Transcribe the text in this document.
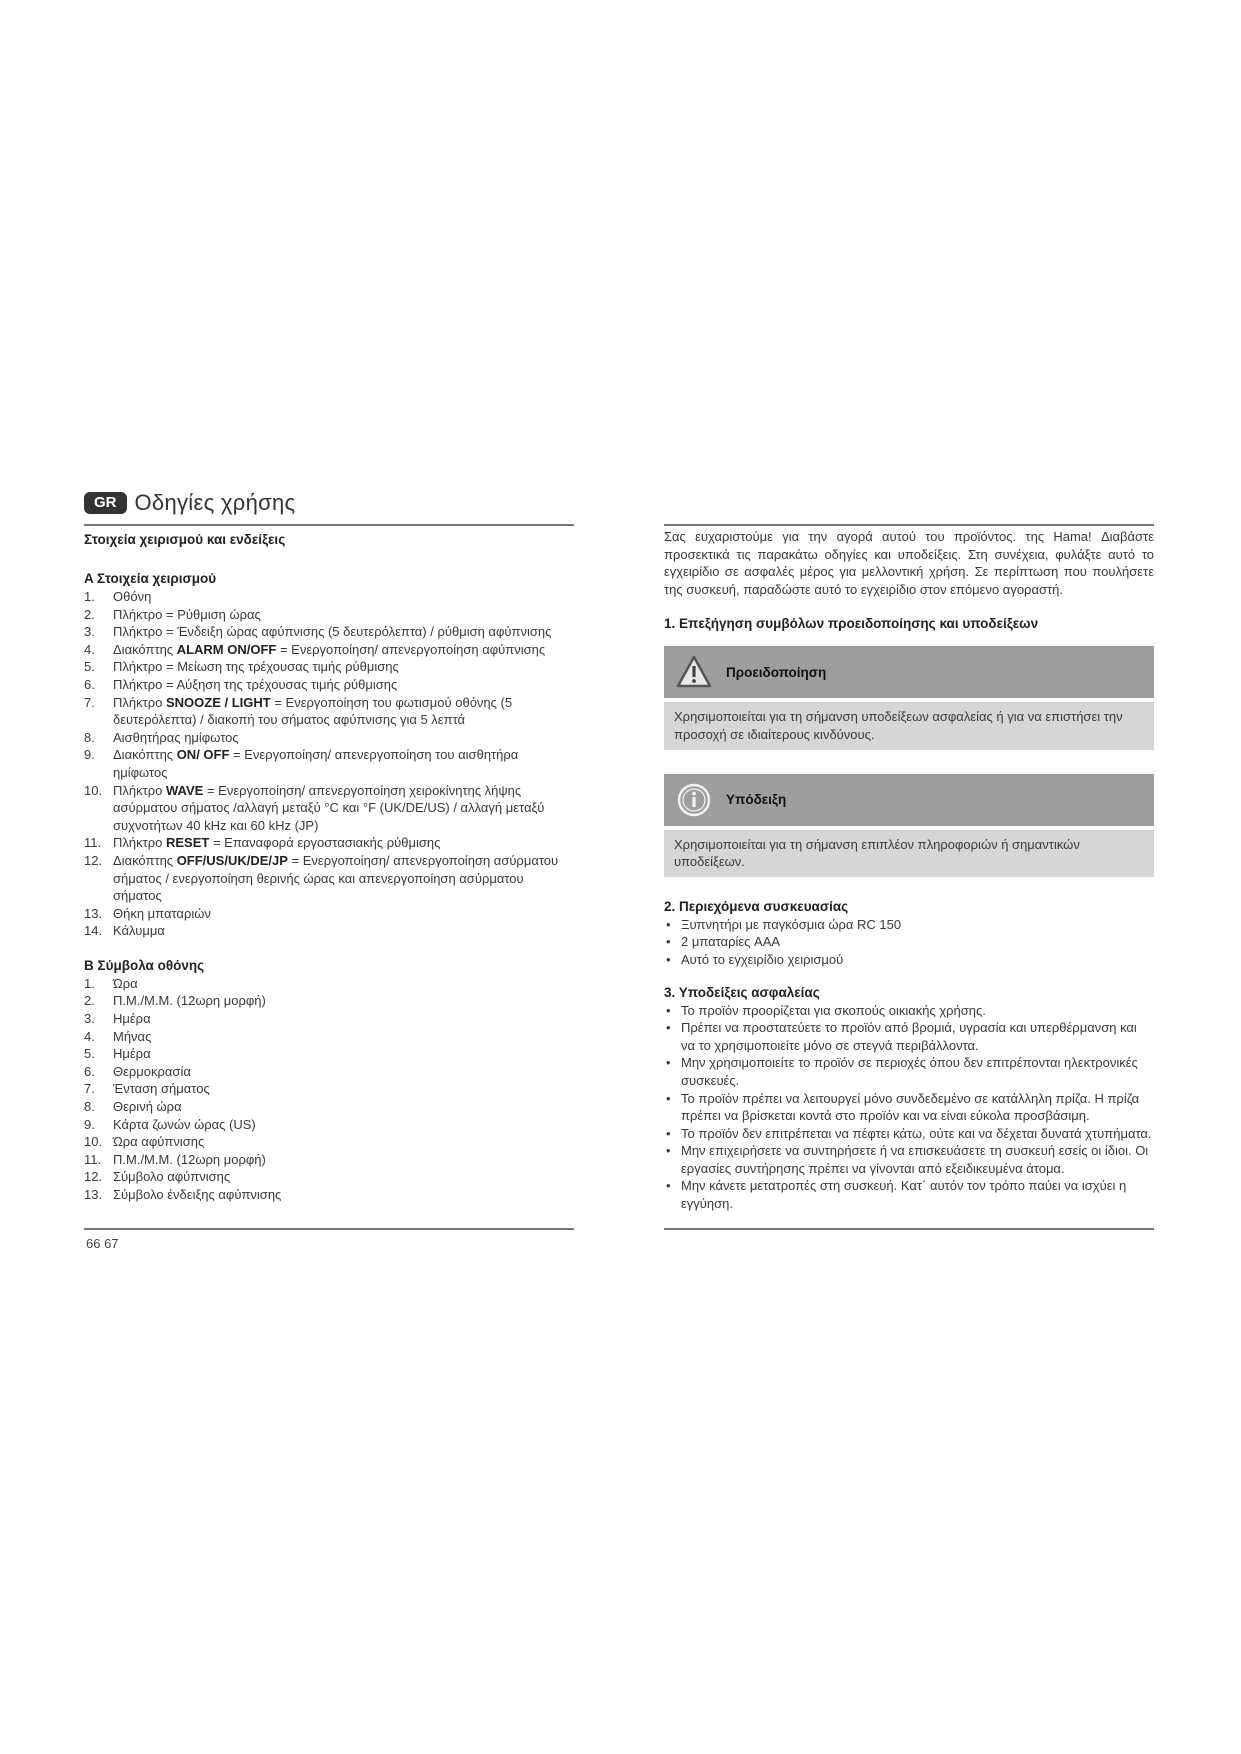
GR Οδηγίες χρήσης

Στοιχεία χειρισμού και ενδείξεις

A Στοιχεία χειρισμού

1. Οθόνη
2. Πλήκτρο = Ρύθμιση ώρας
3. Πλήκτρο = Ένδειξη ώρας αφύπνισης (5 δευτερόλεπτα) / ρύθμιση αφύπνισης
4. Διακόπτης ALARM ON/OFF = Ενεργοποίηση/ απενεργοποίηση αφύπνισης
5. Πλήκτρο = Μείωση της τρέχουσας τιμής ρύθμισης
6. Πλήκτρο = Αύξηση της τρέχουσας τιμής ρύθμισης
7. Πλήκτρο SNOOZE / LIGHT = Ενεργοποίηση του φωτισμού οθόνης (5 δευτερόλεπτα) / διακοπή του σήματος αφύπνισης για 5 λεπτά
8. Αισθητήρας ημίφωτος
9. Διακόπτης ON/ OFF = Ενεργοποίηση/ απενεργοποίηση του αισθητήρα ημίφωτος
10. Πλήκτρο WAVE = Ενεργοποίηση/ απενεργοποίηση χειροκίνητης λήψης ασύρματου σήματος /αλλαγή μεταξύ °C και °F (UK/DE/US) / αλλαγή μεταξύ συχνοτήτων 40 kHz και 60 kHz (JP)
11. Πλήκτρο RESET = Επαναφορά εργοστασιακής ρύθμισης
12. Διακόπτης OFF/US/UK/DE/JP = Ενεργοποίηση/ απενεργοποίηση ασύρματου σήματος / ενεργοποίηση θερινής ώρας και απενεργοποίηση ασύρματου σήματος
13. Θήκη μπαταριών
14. Κάλυμμα

B Σύμβολα οθόνης

1. Ώρα
2. Π.Μ./Μ.Μ. (12ωρη μορφή)
3. Ημέρα
4. Μήνας
5. Ημέρα
6. Θερμοκρασία
7. Ένταση σήματος
8. Θερινή ώρα
9. Κάρτα ζωνών ώρας (US)
10. Ώρα αφύπνισης
11. Π.Μ./Μ.Μ. (12ωρη μορφή)
12. Σύμβολο αφύπνισης
13. Σύμβολο ένδειξης αφύπνισης
Σας ευχαριστούμε για την αγορά αυτού του προϊόντος. της Hama! Διαβάστε προσεκτικά τις παρακάτω οδηγίες και υποδείξεις. Στη συνέχεια, φυλάξτε αυτό το εγχειρίδιο σε ασφαλές μέρος για μελλοντική χρήση. Σε περίπτωση που πουλήσετε της συσκευή, παραδώστε αυτό το εγχειρίδιο στον επόμενο αγοραστή.

1. Επεξήγηση συμβόλων προειδοποίησης και υποδείξεων

Προειδοποίηση
Χρησιμοποιείται για τη σήμανση υποδείξεων ασφαλείας ή για να επιστήσει την προσοχή σε ιδιαίτερους κινδύνους.
Υπόδειξη
Χρησιμοποιείται για τη σήμανση επιπλέον πληροφοριών ή σημαντικών υποδείξεων.

2. Περιεχόμενα συσκευασίας

• Ξυπνητήρι με παγκόσμια ώρα RC 150
• 2 μπαταρίες AAA
• Αυτό το εγχειρίδιο χειρισμού

3. Υποδείξεις ασφαλείας

• Το προϊόν προορίζεται για σκοπούς οικιακής χρήσης.
• Πρέπει να προστατεύετε το προϊόν από βρομιά, υγρασία και υπερθέρμανση και να το χρησιμοποιείτε μόνο σε στεγνά περιβάλλοντα.
• Μην χρησιμοποιείτε το προϊόν σε περιοχές όπου δεν επιτρέπονται ηλεκτρονικές συσκευές.
• Το προϊόν πρέπει να λειτουργεί μόνο συνδεδεμένο σε κατάλληλη πρίζα. Η πρίζα πρέπει να βρίσκεται κοντά στο προϊόν και να είναι εύκολα προσβάσιμη.
• Το προϊόν δεν επιτρέπεται να πέφτει κάτω, ούτε και να δέχεται δυνατά χτυπήματα.
• Μην επιχειρήσετε να συντηρήσετε ή να επισκευάσετε τη συσκευή εσείς οι ίδιοι. Οι εργασίες συντήρησης πρέπει να γίνονται από εξειδικευμένα άτομα.
• Μην κάνετε μετατροπές στη συσκευή. Κατ΄ αυτόν τον τρόπο παύει να ισχύει η εγγύηση.
66 67
